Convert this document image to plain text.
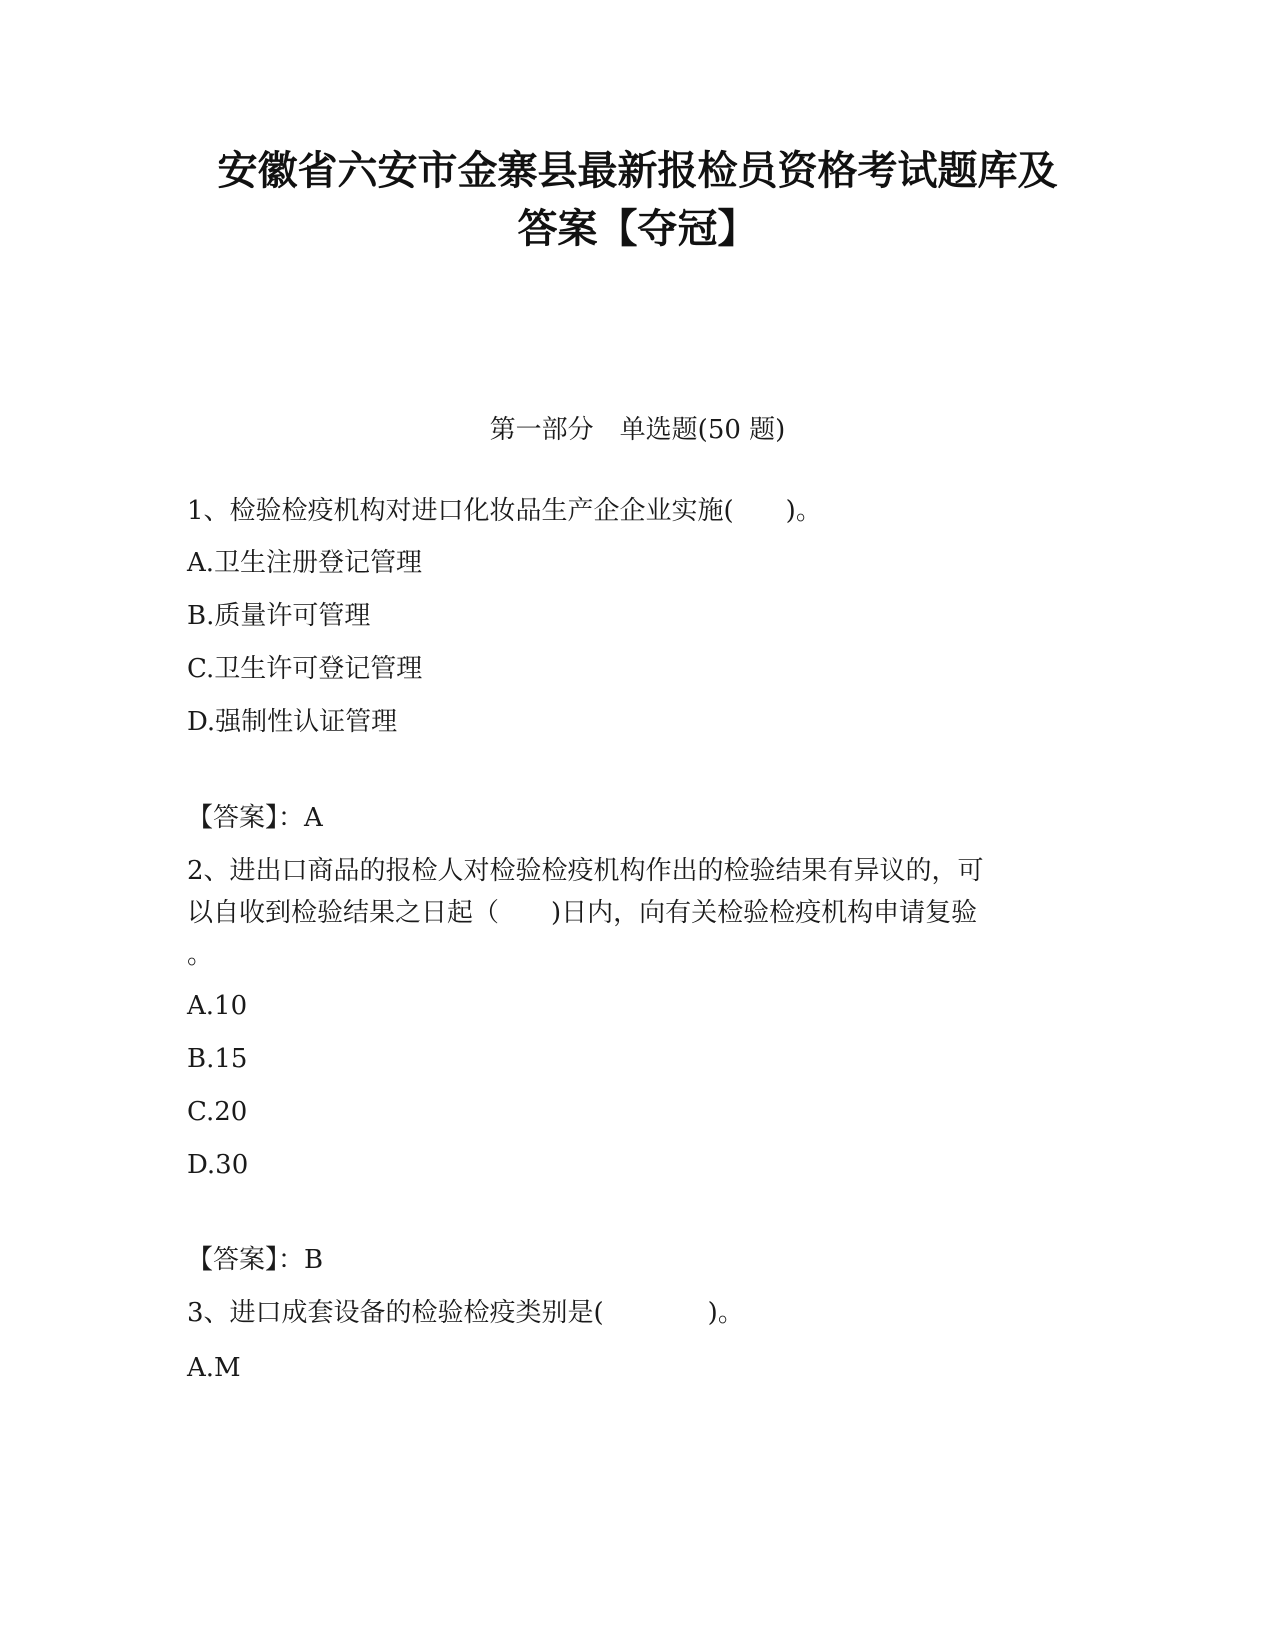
安徽省六安市金寨县最新报检员资格考试题库及
答案【夺冠】
第一部分　单选题(50 题)
1、检验检疫机构对进口化妆品生产企企业实施(　　)。
A.卫生注册登记管理
B.质量许可管理
C.卫生许可登记管理
D.强制性认证管理
【答案】：A
2、进出口商品的报检人对检验检疫机构作出的检验结果有异议的，可
以自收到检验结果之日起（　　)日内，向有关检验检疫机构申请复验
。
A.10
B.15
C.20
D.30
【答案】：B
3、进口成套设备的检验检疫类别是(　　　　)。
A.M
